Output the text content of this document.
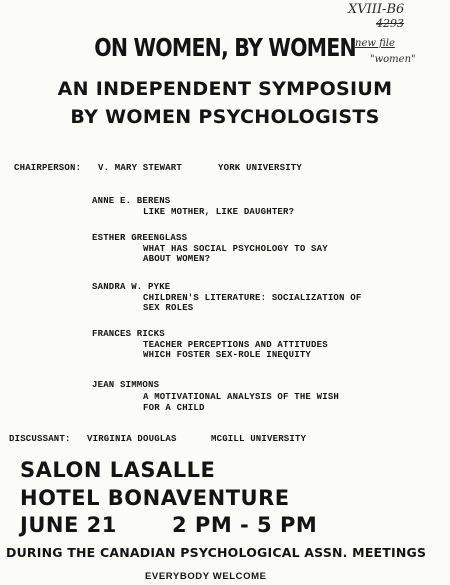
XVIII-B6
4293
new file
"women"
ON WOMEN, BY WOMEN
AN INDEPENDENT SYMPOSIUM
BY WOMEN PSYCHOLOGISTS
CHAIRPERSON: V. MARY STEWART	YORK UNIVERSITY
ANNE E. BERENS
LIKE MOTHER, LIKE DAUGHTER?
ESTHER GREENGLASS
WHAT HAS SOCIAL PSYCHOLOGY TO SAY
ABOUT WOMEN?
SANDRA W. PYKE
CHILDREN'S LITERATURE: SOCIALIZATION OF
SEX ROLES
FRANCES RICKS
TEACHER PERCEPTIONS AND ATTITUDES
WHICH FOSTER SEX-ROLE INEQUITY
JEAN SIMMONS
A MOTIVATIONAL ANALYSIS OF THE WISH
FOR A CHILD
DISCUSSANT: VIRGINIA DOUGLAS	MCGILL UNIVERSITY
SALON LASALLE
HOTEL BONAVENTURE
JUNE 21	2 PM - 5 PM
DURING THE CANADIAN PSYCHOLOGICAL ASSN. MEETINGS
EVERYBODY WELCOME
